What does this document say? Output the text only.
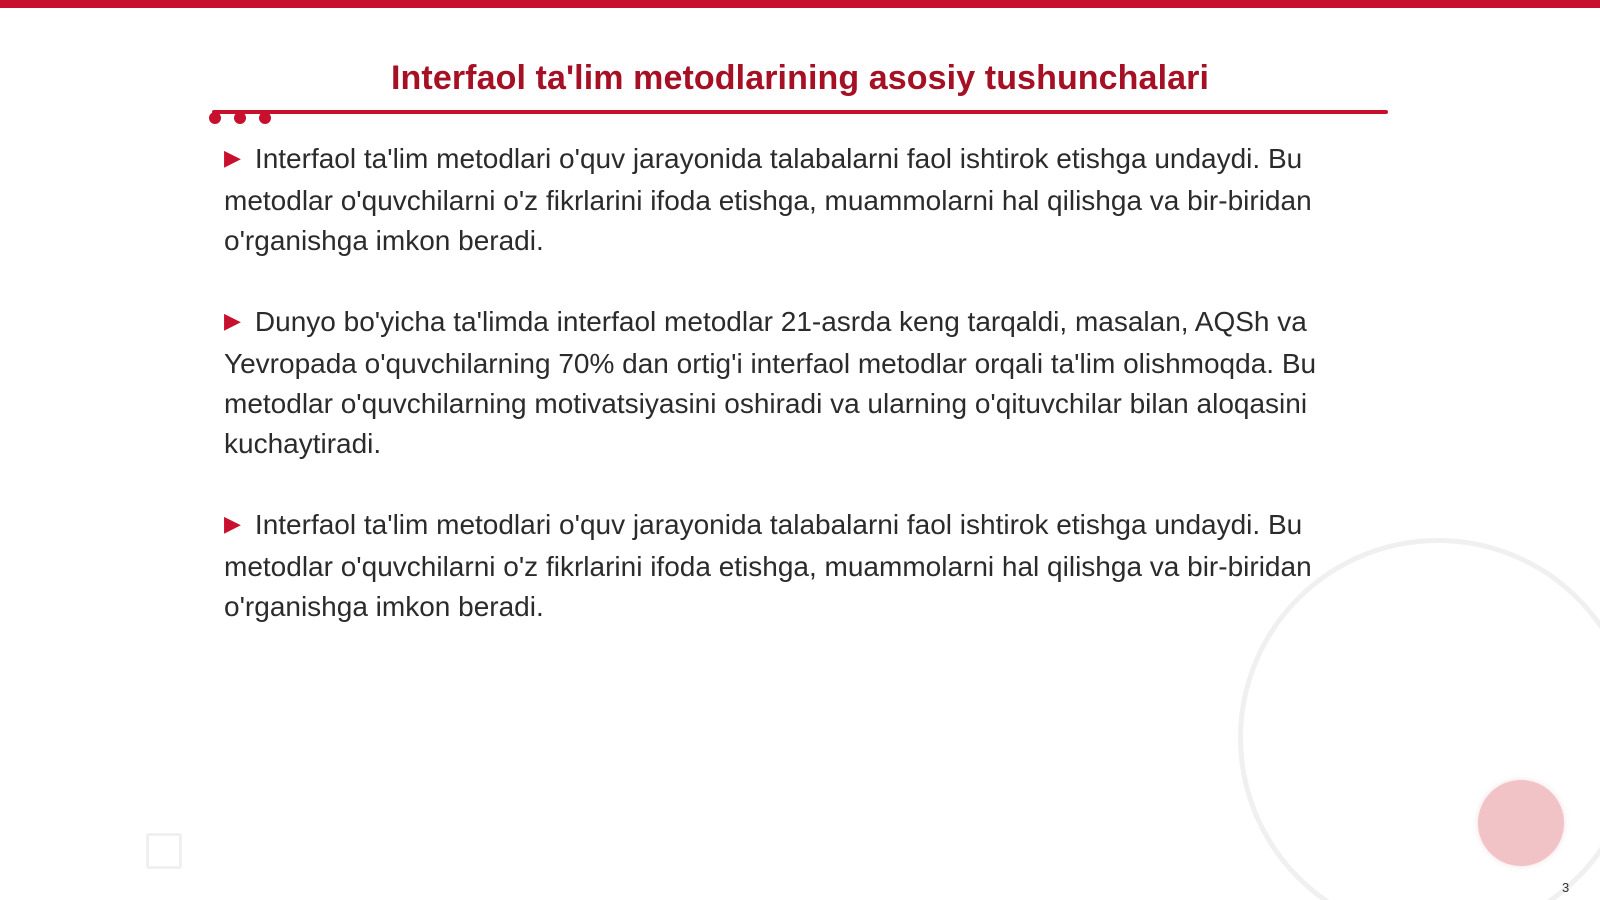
Interfaol ta'lim metodlarining asosiy tushunchalari

▶ Interfaol ta'lim metodlari o'quv jarayonida talabalarni faol ishtirok etishga undaydi. Bu metodlar o'quvchilarni o'z fikrlarini ifoda etishga, muammolarni hal qilishga va bir-biridan o'rganishga imkon beradi.

▶ Dunyo bo'yicha ta'limda interfaol metodlar 21-asrda keng tarqaldi, masalan, AQSh va Yevropada o'quvchilarning 70% dan ortig'i interfaol metodlar orqali ta'lim olishmoqda. Bu metodlar o'quvchilarning motivatsiyasini oshiradi va ularning o'qituvchilar bilan aloqasini kuchaytiradi.

▶ Interfaol ta'lim metodlari o'quv jarayonida talabalarni faol ishtirok etishga undaydi. Bu metodlar o'quvchilarni o'z fikrlarini ifoda etishga, muammolarni hal qilishga va bir-biridan o'rganishga imkon beradi.

3
